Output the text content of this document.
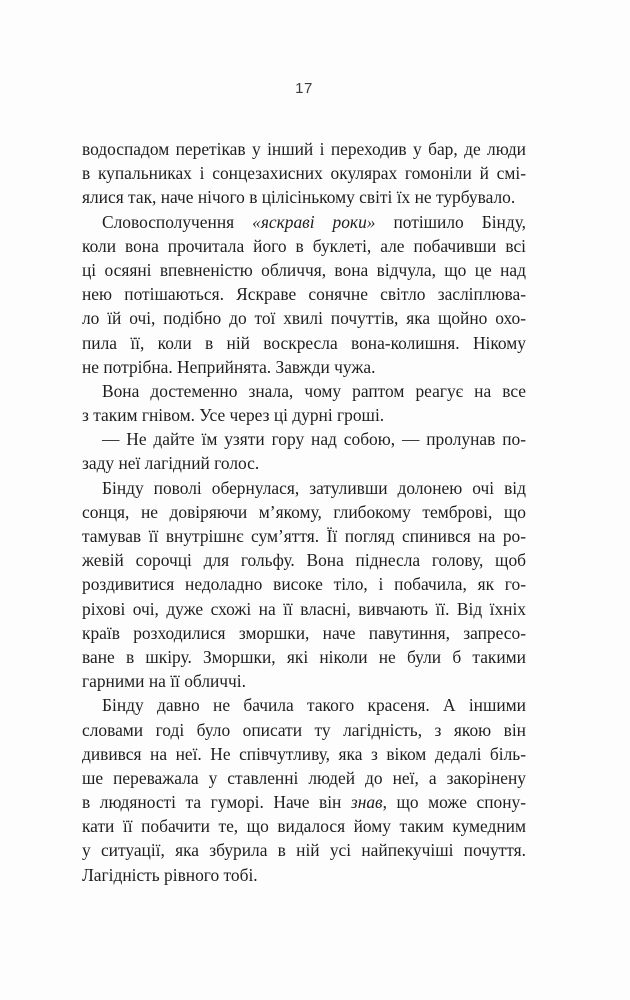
17
водоспадом перетікав у інший і переходив у бар, де люди
в купальниках і сонцезахисних окулярах гомоніли й смі-
ялися так, наче нічого в цілісінькому світі їх не турбувало.
Словосполучення «яскраві роки» потішило Бінду,
коли вона прочитала його в буклеті, але побачивши всі
ці осяяні впевненістю обличчя, вона відчула, що це над
нею потішаються. Яскраве сонячне світло засліплюва-
ло їй очі, подібно до тої хвилі почуттів, яка щойно охо-
пила її, коли в ній воскресла вона-колишня. Нікому
не потрібна. Неприйнята. Завжди чужа.
Вона достеменно знала, чому раптом реагує на все
з таким гнівом. Усе через ці дурні гроші.
— Не дайте їм узяти гору над собою, — пролунав по-
заду неї лагідний голос.
Бінду поволі обернулася, затуливши долонею очі від
сонця, не довіряючи м’якому, глибокому темброві, що
тамував її внутрішнє сум’яття. Її погляд спинився на ро-
жевій сорочці для гольфу. Вона піднесла голову, щоб
роздивитися недоладно високе тіло, і побачила, як го-
ріхові очі, дуже схожі на її власні, вивчають її. Від їхніх
країв розходилися зморшки, наче павутиння, запресо-
ване в шкіру. Зморшки, які ніколи не були б такими
гарними на її обличчі.
Бінду давно не бачила такого красеня. А іншими
словами годі було описати ту лагідність, з якою він
дивився на неї. Не співчутливу, яка з віком дедалі біль-
ше переважала у ставленні людей до неї, а закорінену
в людяності та гуморі. Наче він знав, що може спону-
кати її побачити те, що видалося йому таким кумедним
у ситуації, яка збурила в ній усі найпекучіші почуття.
Лагідність рівного тобі.
